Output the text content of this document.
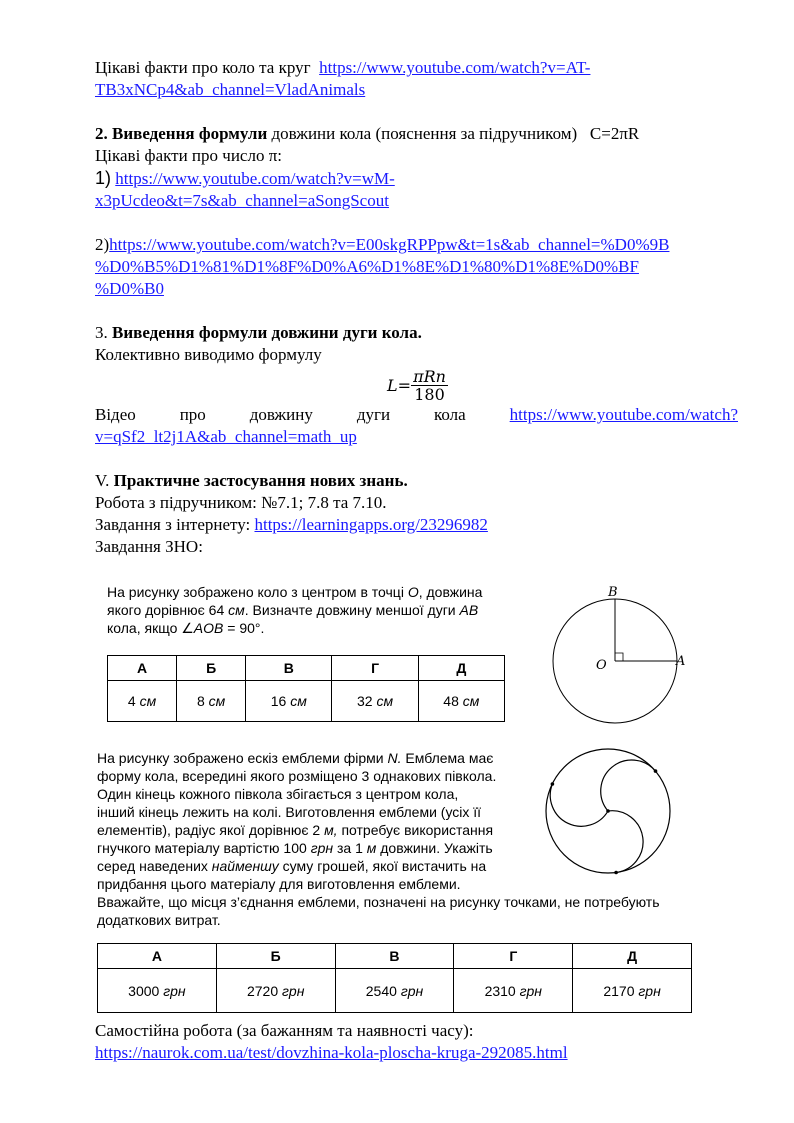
Цікаві факти про коло та круг https://www.youtube.com/watch?v=AT-
TB3xNCp4&ab_channel=VladAnimals
2. Виведення формули довжини кола (пояснення за підручником) C=2πR
Цікаві факти про число π:
1) https://www.youtube.com/watch?v=wM-
x3pUcdeo&t=7s&ab_channel=aSongScout
2)https://www.youtube.com/watch?v=E00skgRPPpw&t=1s&ab_channel=%D0%9B
%D0%B5%D1%81%D1%8F%D0%A6%D1%8E%D1%80%D1%8E%D0%BF
%D0%B0
3. Виведення формули довжини дуги кола.
Колективно виводимо формулу
$L= \frac{\text{πRn}}{180}$
Відео	про	довжину	дуги	кола	https://www.youtube.com/watch?
v=qSf2_lt2j1A&ab_channel=math_up
V. Практичне застосування нових знань.
Робота з підручником: №7.1; 7.8 та 7.10.
Завдання з інтернету: https://learningapps.org/23296982
Завдання ЗНО:
На рисунку зображено коло з центром в точці O, довжина
якого дорівнює 64 см. Визначте довжину меншої дуги AB
кола, якщо ∠AOB = 90°.
А	Б	В	Г	Д
4 см	8 см	16 см	32 см	48 см
B
O	A
На рисунку зображено ескіз емблеми фірми N. Емблема має
форму кола, всередині якого розміщено 3 однакових півкола.
Один кінець кожного півкола збігається з центром кола,
інший кінець лежить на колі. Виготовлення емблеми (усіх її
елементів), радіус якої дорівнює 2 м, потребує використання
гнучкого матеріалу вартістю 100 грн за 1 м довжини. Укажіть
серед наведених найменшу суму грошей, якої вистачить на
придбання цього матеріалу для виготовлення емблеми.
Вважайте, що місця з’єднання емблеми, позначені на рисунку точками, не потребують
додаткових витрат.
А	Б	В	Г	Д
3000 грн	2720 грн	2540 грн	2310 грн	2170 грн
Самостійна робота (за бажанням та наявності часу):
https://naurok.com.ua/test/dovzhina-kola-ploscha-kruga-292085.html
